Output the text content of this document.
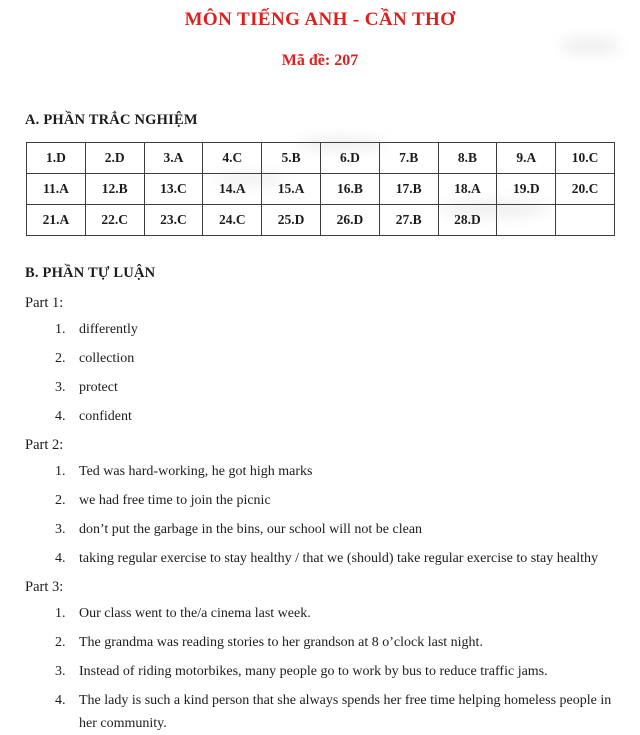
MÔN TIẾNG ANH - CẦN THƠ
Mã đề: 207
A. PHẦN TRẮC NGHIỆM
1.D	2.D	3.A	4.C	5.B	6.D	7.B	8.B	9.A	10.C
11.A	12.B	13.C	14.A	15.A	16.B	17.B	18.A	19.D	20.C
21.A	22.C	23.C	24.C	25.D	26.D	27.B	28.D		
B. PHẦN TỰ LUẬN
Part 1:
1. differently
2. collection
3. protect
4. confident
Part 2:
1. Ted was hard-working, he got high marks
2. we had free time to join the picnic
3. don’t put the garbage in the bins, our school will not be clean
4. taking regular exercise to stay healthy / that we (should) take regular exercise to stay healthy
Part 3:
1. Our class went to the/a cinema last week.
2. The grandma was reading stories to her grandson at 8 o’clock last night.
3. Instead of riding motorbikes, many people go to work by bus to reduce traffic jams.
4. The lady is such a kind person that she always spends her free time helping homeless people in her community.
